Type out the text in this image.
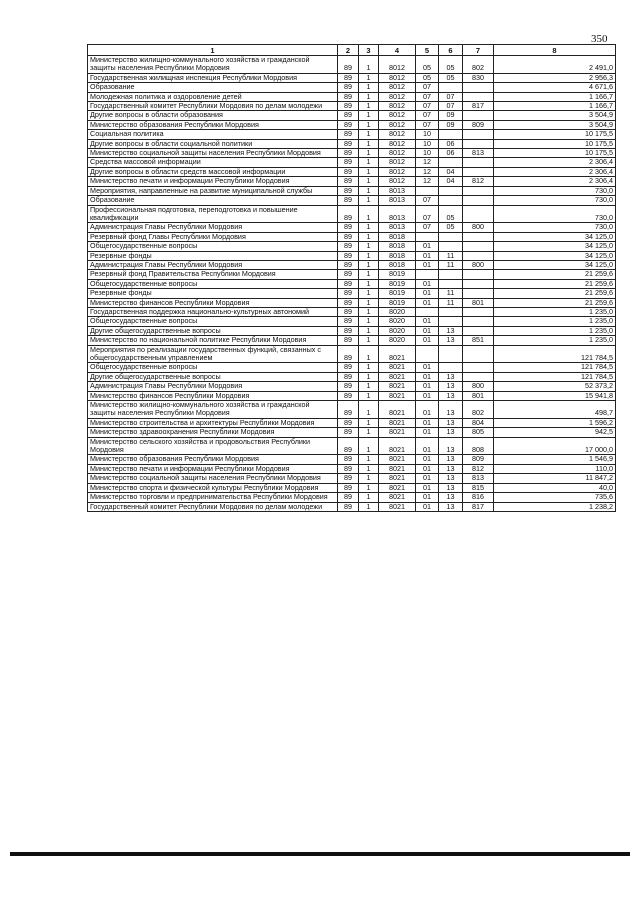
350
1	2	3	4	5	6	7	8
Министерство жилищно-коммунального хозяйства и гражданской защиты населения Республики Мордовия	89	1	8012	05	05	802	2 491,0
Государственная жилищная инспекция Республики Мордовия	89	1	8012	05	05	830	2 956,3
Образование	89	1	8012	07			4 671,6
Молодежная политика и оздоровление детей	89	1	8012	07	07		1 166,7
Государственный комитет Республики Мордовия по делам молодежи	89	1	8012	07	07	817	1 166,7
Другие вопросы в области образования	89	1	8012	07	09		3 504,9
Министерство образования Республики Мордовия	89	1	8012	07	09	809	3 504,9
Социальная политика	89	1	8012	10			10 175,5
Другие вопросы в области социальной политики	89	1	8012	10	06		10 175,5
Министерство социальной защиты населения Республики Мордовия	89	1	8012	10	06	813	10 175,5
Средства массовой информации	89	1	8012	12			2 306,4
Другие вопросы в области средств массовой информации	89	1	8012	12	04		2 306,4
Министерство печати и информации Республики Мордовия	89	1	8012	12	04	812	2 306,4
Мероприятия, направленные на развитие муниципальной службы	89	1	8013				730,0
Образование	89	1	8013	07			730,0
Профессиональная подготовка, переподготовка и повышение квалификации	89	1	8013	07	05		730,0
Администрация Главы Республики Мордовия	89	1	8013	07	05	800	730,0
Резервный фонд Главы Республики Мордовия	89	1	8018				34 125,0
Общегосударственные вопросы	89	1	8018	01			34 125,0
Резервные фонды	89	1	8018	01	11		34 125,0
Администрация Главы Республики Мордовия	89	1	8018	01	11	800	34 125,0
Резервный фонд Правительства Республики Мордовия	89	1	8019				21 259,6
Общегосударственные вопросы	89	1	8019	01			21 259,6
Резервные фонды	89	1	8019	01	11		21 259,6
Министерство финансов Республики Мордовия	89	1	8019	01	11	801	21 259,6
Государственная поддержка национально-культурных автономий	89	1	8020				1 235,0
Общегосударственные вопросы	89	1	8020	01			1 235,0
Другие общегосударственные вопросы	89	1	8020	01	13		1 235,0
Министерство по национальной политике Республики Мордовия	89	1	8020	01	13	851	1 235,0
Мероприятия по реализации государственных функций, связанных с общегосударственным управлением	89	1	8021				121 784,5
Общегосударственные вопросы	89	1	8021	01			121 784,5
Другие общегосударственные вопросы	89	1	8021	01	13		121 784,5
Администрация Главы Республики Мордовия	89	1	8021	01	13	800	52 373,2
Министерство финансов Республики Мордовия	89	1	8021	01	13	801	15 941,8
Министерство жилищно-коммунального хозяйства и гражданской защиты населения Республики Мордовия	89	1	8021	01	13	802	498,7
Министерство строительства и архитектуры Республики Мордовия	89	1	8021	01	13	804	1 596,2
Министерство здравоохранения Республики Мордовия	89	1	8021	01	13	805	942,5
Министерство сельского хозяйства и продовольствия Республики Мордовия	89	1	8021	01	13	808	17 000,0
Министерство образования Республики Мордовия	89	1	8021	01	13	809	1 546,9
Министерство печати и информации Республики Мордовия	89	1	8021	01	13	812	110,0
Министерство социальной защиты населения Республики Мордовия	89	1	8021	01	13	813	11 847,2
Министерство спорта и физической культуры Республики Мордовия	89	1	8021	01	13	815	40,0
Министерство торговли и предпринимательства Республики Мордовия	89	1	8021	01	13	816	735,6
Государственный комитет Республики Мордовия по делам молодежи	89	1	8021	01	13	817	1 238,2
